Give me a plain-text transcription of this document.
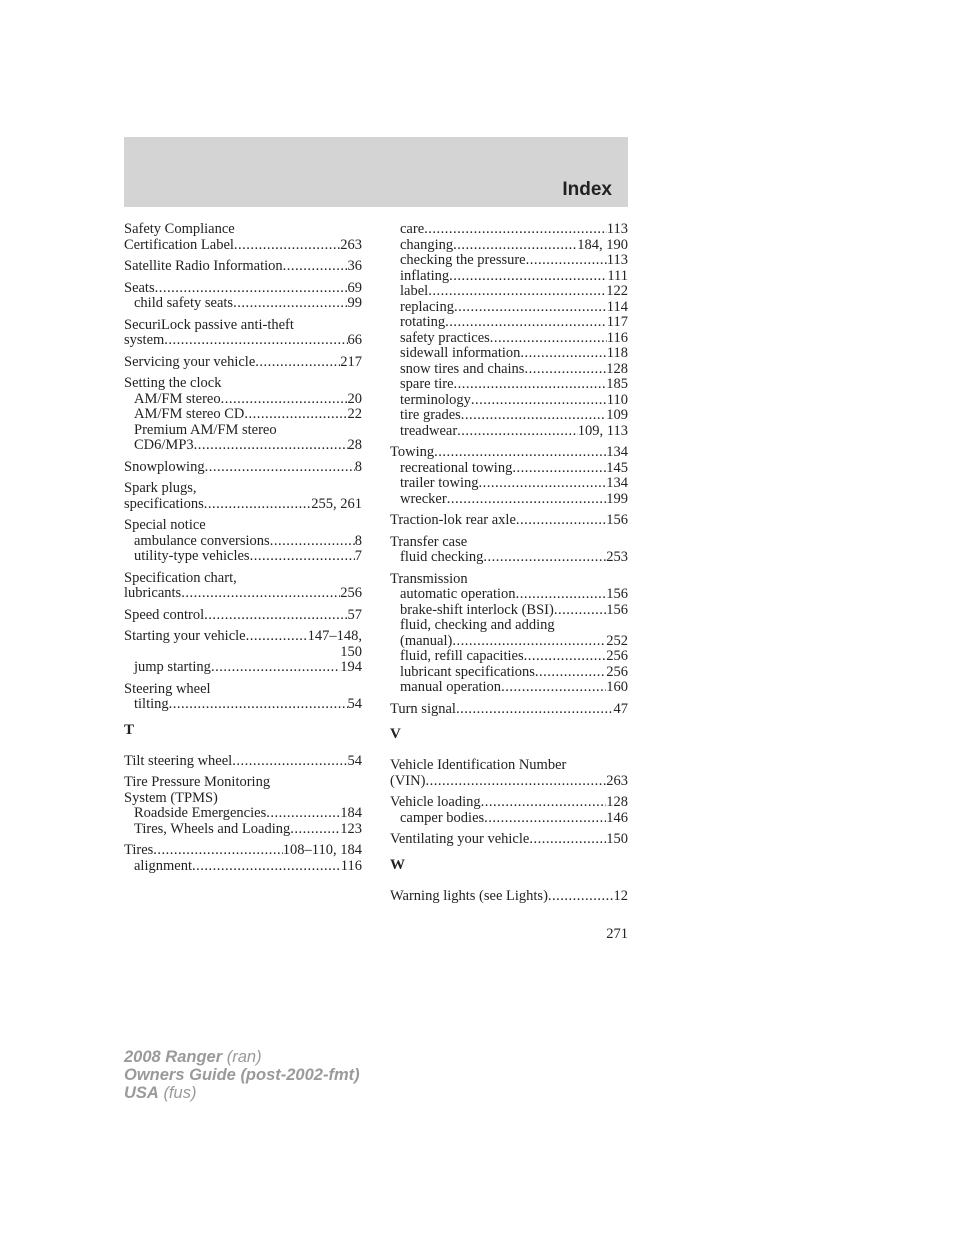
Index
Safety Compliance
Certification Label .....	263
Satellite Radio Information .....	36
Seats .....	69
child safety seats .....	99
SecuriLock passive anti-theft
system .....	66
Servicing your vehicle .....	217
Setting the clock
AM/FM stereo .....	20
AM/FM stereo CD .....	22
Premium AM/FM stereo
CD6/MP3 .....	28
Snowplowing .....	8
Spark plugs,
specifications .....	255, 261
Special notice
ambulance conversions .....	8
utility-type vehicles .....	7
Specification chart,
lubricants .....	256
Speed control .....	57
Starting your vehicle .....	147–148,
150
jump starting .....	194
Steering wheel
tilting .....	54
T
Tilt steering wheel .....	54
Tire Pressure Monitoring
System (TPMS)
Roadside Emergencies .....	184
Tires, Wheels and Loading .....	123
Tires .....	108–110, 184
alignment .....	116
care .....	113
changing .....	184, 190
checking the pressure .....	113
inflating .....	111
label .....	122
replacing .....	114
rotating .....	117
safety practices .....	116
sidewall information .....	118
snow tires and chains .....	128
spare tire .....	185
terminology .....	110
tire grades .....	109
treadwear .....	109, 113
Towing .....	134
recreational towing .....	145
trailer towing .....	134
wrecker .....	199
Traction-lok rear axle .....	156
Transfer case
fluid checking .....	253
Transmission
automatic operation .....	156
brake-shift interlock (BSI) .....	156
fluid, checking and adding
(manual) .....	252
fluid, refill capacities .....	256
lubricant specifications .....	256
manual operation .....	160
Turn signal .....	47
V
Vehicle Identification Number
(VIN) .....	263
Vehicle loading .....	128
camper bodies .....	146
Ventilating your vehicle .....	150
W
Warning lights (see Lights) .....	12
271
2008 Ranger (ran)
Owners Guide (post-2002-fmt)
USA (fus)
